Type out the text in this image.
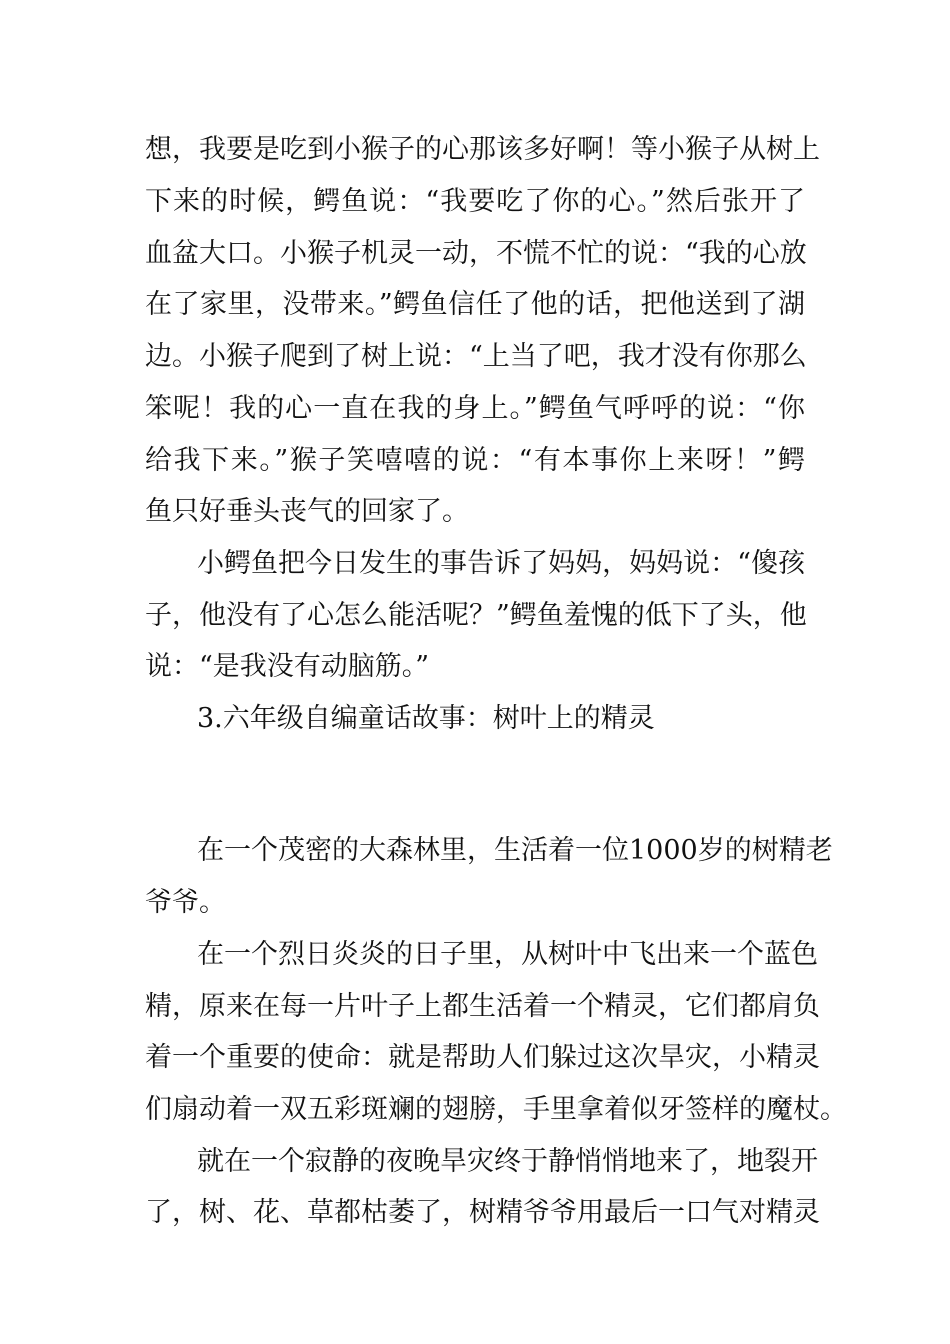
想，我要是吃到小猴子的心那该多好啊！等小猴子从树上
下来的时候，鳄鱼说：“我要吃了你的心。”然后张开了
血盆大口。小猴子机灵一动，不慌不忙的说：“我的心放
在了家里，没带来。”鳄鱼信任了他的话，把他送到了湖
边。小猴子爬到了树上说：“上当了吧，我才没有你那么
笨呢！我的心一直在我的身上。”鳄鱼气呼呼的说：“你
给我下来。”猴子笑嘻嘻的说：“有本事你上来呀！”鳄
鱼只好垂头丧气的回家了。
小鳄鱼把今日发生的事告诉了妈妈，妈妈说：“傻孩
子，他没有了心怎么能活呢？”鳄鱼羞愧的低下了头，他
说：“是我没有动脑筋。”
3.六年级自编童话故事：树叶上的精灵
在一个茂密的大森林里，生活着一位1000岁的树精老
爷爷。
在一个烈日炎炎的日子里，从树叶中飞出来一个蓝色
精，原来在每一片叶子上都生活着一个精灵，它们都肩负
着一个重要的使命：就是帮助人们躲过这次旱灾，小精灵
们扇动着一双五彩斑斓的翅膀，手里拿着似牙签样的魔杖。
就在一个寂静的夜晚旱灾终于静悄悄地来了，地裂开
了，树、花、草都枯萎了，树精爷爷用最后一口气对精灵
